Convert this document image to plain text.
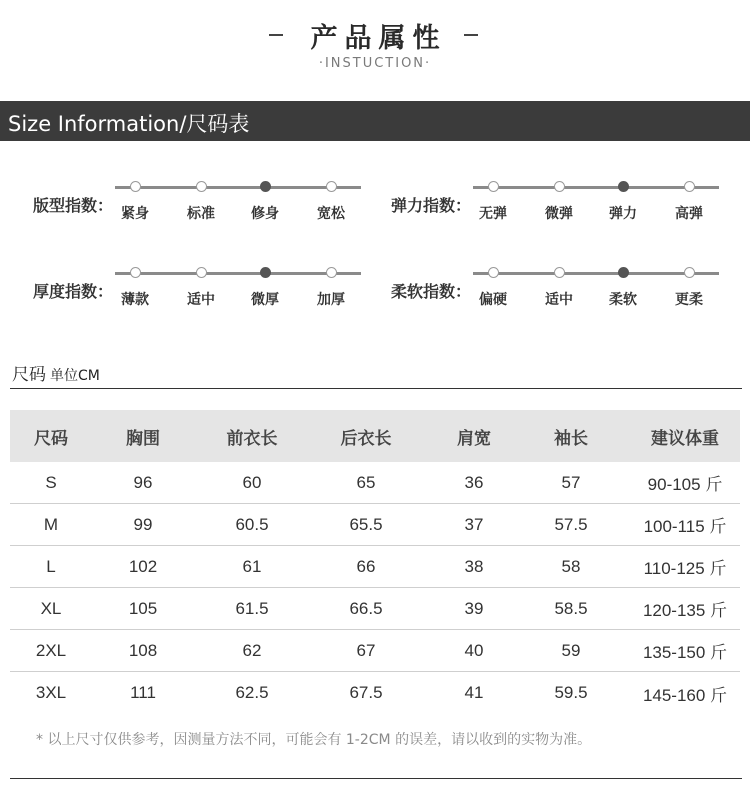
产品属性
·INSTUCTION·
Size Information/尺码表
版型指数： 紧身	标准	修身	宽松	弹力指数： 无弹	微弹	弹力	高弹
厚度指数： 薄款	适中	微厚	加厚	柔软指数： 偏硬	适中	柔软	更柔
尺码 单位CM
尺码	胸围	前衣长	后衣长	肩宽	袖长	建议体重
S	96	60	65	36	57	90-105 斤
M	99	60.5	65.5	37	57.5	100-115 斤
L	102	61	66	38	58	110-125 斤
XL	105	61.5	66.5	39	58.5	120-135 斤
2XL	108	62	67	40	59	135-150 斤
3XL	111	62.5	67.5	41	59.5	145-160 斤
* 以上尺寸仅供参考，因测量方法不同，可能会有 1-2CM 的误差，请以收到的实物为准。
